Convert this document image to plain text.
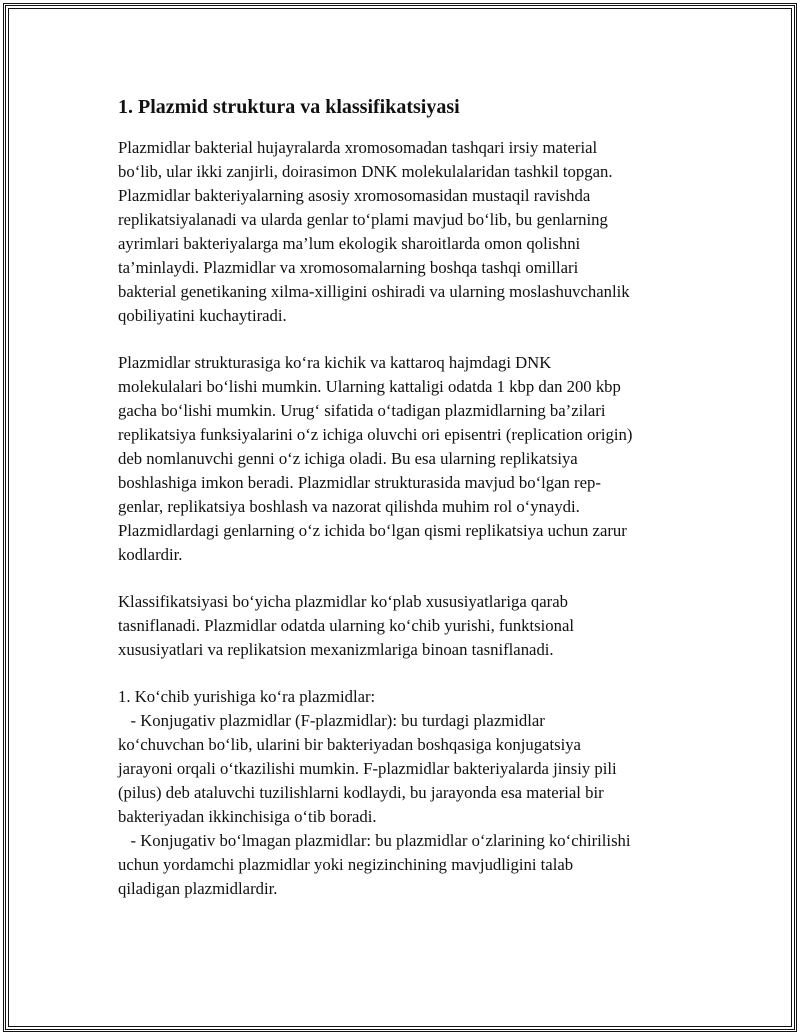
1. Plazmid struktura va klassifikatsiyasi
Plazmidlar bakterial hujayralarda xromosomadan tashqari irsiy material
bo‘lib, ular ikki zanjirli, doirasimon DNK molekulalaridan tashkil topgan.
Plazmidlar bakteriyalarning asosiy xromosomasidan mustaqil ravishda
replikatsiyalanadi va ularda genlar to‘plami mavjud bo‘lib, bu genlarning
ayrimlari bakteriyalarga ma’lum ekologik sharoitlarda omon qolishni
ta’minlaydi. Plazmidlar va xromosomalarning boshqa tashqi omillari
bakterial genetikaning xilma-xilligini oshiradi va ularning moslashuvchanlik
qobiliyatini kuchaytiradi.
Plazmidlar strukturasiga ko‘ra kichik va kattaroq hajmdagi DNK
molekulalari bo‘lishi mumkin. Ularning kattaligi odatda 1 kbp dan 200 kbp
gacha bo‘lishi mumkin. Urug‘ sifatida o‘tadigan plazmidlarning ba’zilari
replikatsiya funksiyalarini o‘z ichiga oluvchi ori episentri (replication origin)
deb nomlanuvchi genni o‘z ichiga oladi. Bu esa ularning replikatsiya
boshlashiga imkon beradi. Plazmidlar strukturasida mavjud bo‘lgan rep-
genlar, replikatsiya boshlash va nazorat qilishda muhim rol o‘ynaydi.
Plazmidlardagi genlarning o‘z ichida bo‘lgan qismi replikatsiya uchun zarur
kodlardir.
Klassifikatsiyasi bo‘yicha plazmidlar ko‘plab xususiyatlariga qarab
tasniflanadi. Plazmidlar odatda ularning ko‘chib yurishi, funktsional
xususiyatlari va replikatsion mexanizmlariga binoan tasniflanadi.
1. Ko‘chib yurishiga ko‘ra plazmidlar:
- Konjugativ plazmidlar (F-plazmidlar): bu turdagi plazmidlar
ko‘chuvchan bo‘lib, ularini bir bakteriyadan boshqasiga konjugatsiya
jarayoni orqali o‘tkazilishi mumkin. F-plazmidlar bakteriyalarda jinsiy pili
(pilus) deb ataluvchi tuzilishlarni kodlaydi, bu jarayonda esa material bir
bakteriyadan ikkinchisiga o‘tib boradi.
- Konjugativ bo‘lmagan plazmidlar: bu plazmidlar o‘zlarining ko‘chirilishi
uchun yordamchi plazmidlar yoki negizinchining mavjudligini talab
qiladigan plazmidlardir.
